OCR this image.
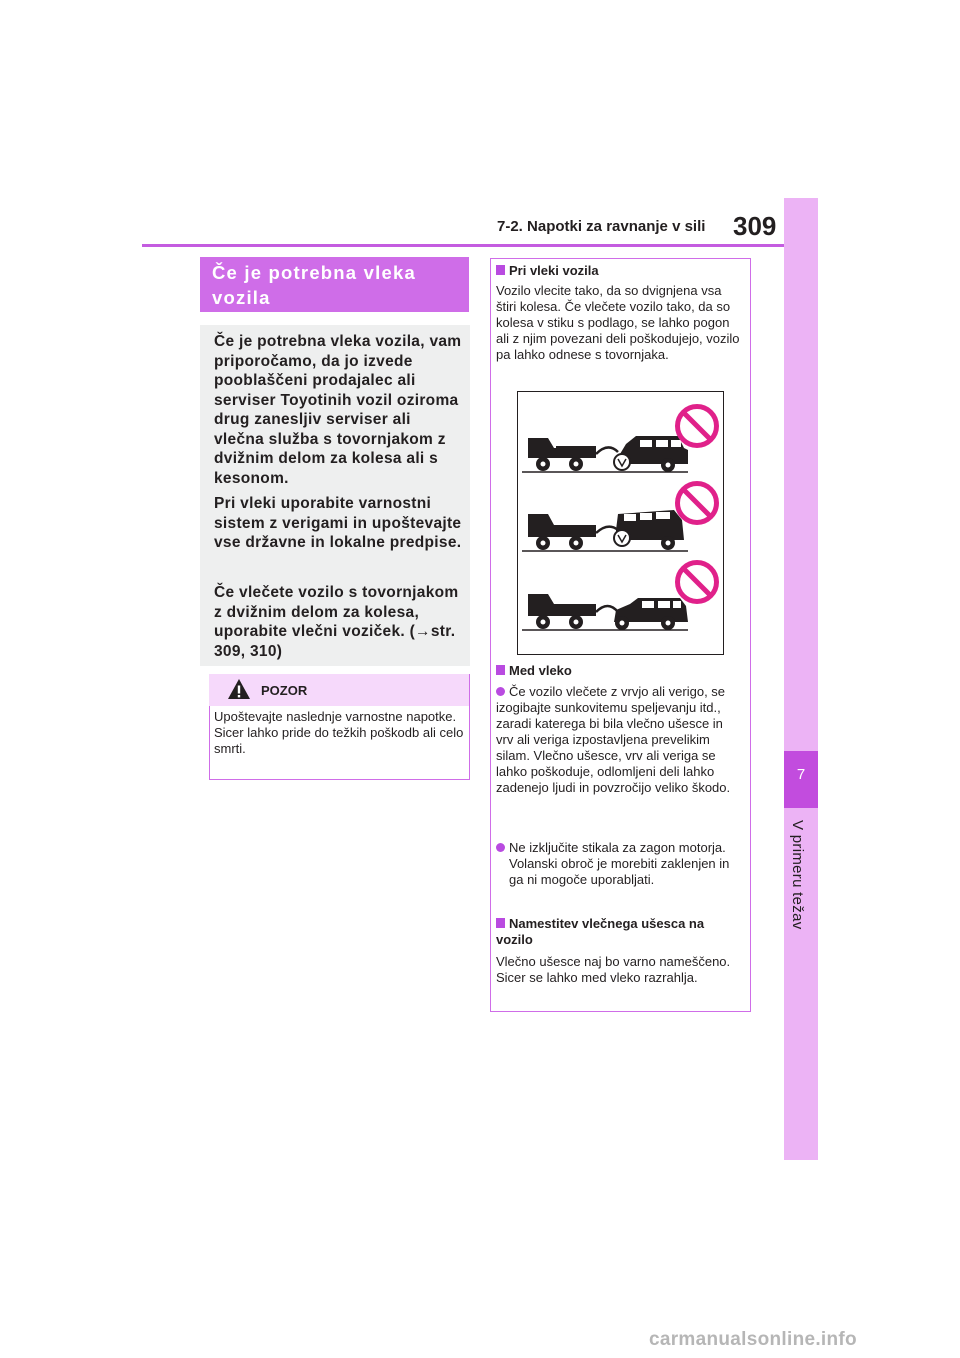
7-2. Napotki za ravnanje v sili 309
7
V primeru težav
Če je potrebna vleka vozila

Če je potrebna vleka vozila, vam priporočamo, da jo izvede pooblaščeni prodajalec ali serviser Toyotinih vozil oziroma drug zanesljiv serviser ali vlečna služba s tovornjakom z dvižnim delom za kolesa ali s kesonom.

Pri vleki uporabite varnostni sistem z verigami in upoštevajte vse državne in lokalne predpise.

Če vlečete vozilo s tovornjakom z dvižnim delom za kolesa, uporabite vlečni voziček. (→str. 309, 310)

POZOR

Upoštevajte naslednje varnostne napotke.
Sicer lahko pride do težkih poškodb ali celo smrti.

Pri vleki vozila

Vozilo vlecite tako, da so dvignjena vsa štiri kolesa. Če vlečete vozilo tako, da so kolesa v stiku s podlago, se lahko pogon ali z njim povezani deli poškodujejo, vozilo pa lahko odnese s tovornjaka.

Med vleko

Če vozilo vlečete z vrvjo ali verigo, se izogibajte sunkovitemu speljevanju itd., zaradi katerega bi bila vlečno ušesce in vrv ali veriga izpostavljena prevelikim silam. Vlečno ušesce, vrv ali veriga se lahko poškoduje, odlomljeni deli lahko zadenejo ljudi in povzročijo veliko škodo.

Ne izključite stikala za zagon motorja.
Volanski obroč je morebiti zaklenjen in ga ni mogoče uporabljati.

Namestitev vlečnega ušesca na vozilo

Vlečno ušesce naj bo varno nameščeno.
Sicer se lahko med vleko razrahlja.

carmanualsonline.info
